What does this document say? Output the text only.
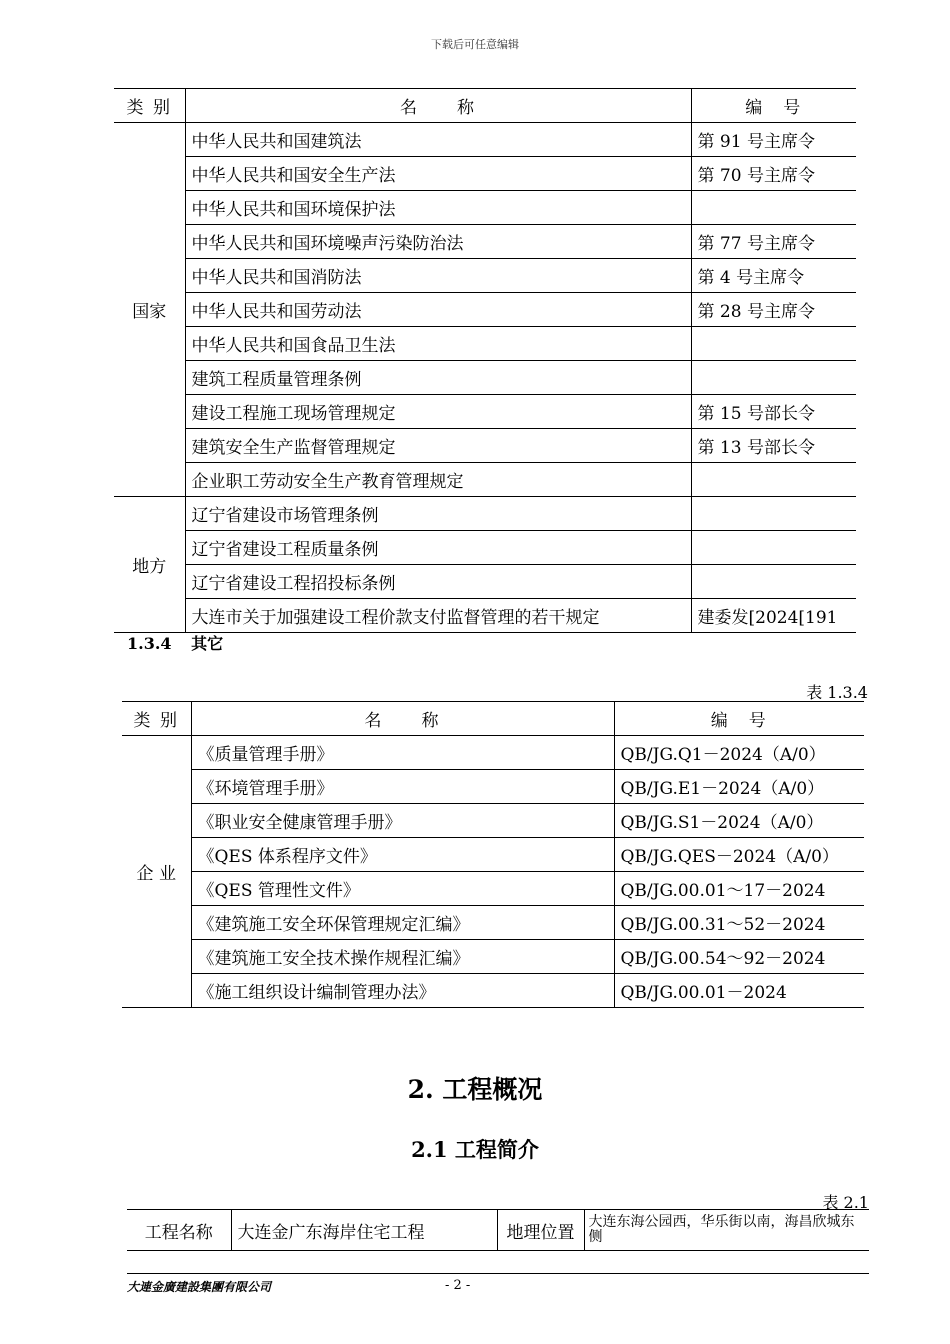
下载后可任意编辑
类 别	名　　称	编　号
国家	中华人民共和国建筑法	第 91 号主席令
	中华人民共和国安全生产法	第 70 号主席令
	中华人民共和国环境保护法	
	中华人民共和国环境噪声污染防治法	第 77 号主席令
	中华人民共和国消防法	第 4 号主席令
	中华人民共和国劳动法	第 28 号主席令
	中华人民共和国食品卫生法	
	建筑工程质量管理条例	
	建设工程施工现场管理规定	第 15 号部长令
	建筑安全生产监督管理规定	第 13 号部长令
	企业职工劳动安全生产教育管理规定	
地方	辽宁省建设市场管理条例	
	辽宁省建设工程质量条例	
	辽宁省建设工程招投标条例	
	大连市关于加强建设工程价款支付监督管理的若干规定	建委发[2024[191
1.3.4 其它
表 1.3.4
类 别	名　　称	编　号
企 业	《质量管理手册》	QB/JG.Q1－2024（A/0）
	《环境管理手册》	QB/JG.E1－2024（A/0）
	《职业安全健康管理手册》	QB/JG.S1－2024（A/0）
	《QES 体系程序文件》	QB/JG.QES－2024（A/0）
	《QES 管理性文件》	QB/JG.00.01～17－2024
	《建筑施工安全环保管理规定汇编》	QB/JG.00.31～52－2024
	《建筑施工安全技术操作规程汇编》	QB/JG.00.54～92－2024
	《施工组织设计编制管理办法》	QB/JG.00.01－2024
2. 工程概况
2.1 工程简介
表 2.1
工程名称	大连金广东海岸住宅工程	地理位置	大连东海公园西，华乐街以南，海昌欣城东侧
大連金廣建設集團有限公司	- 2 -
